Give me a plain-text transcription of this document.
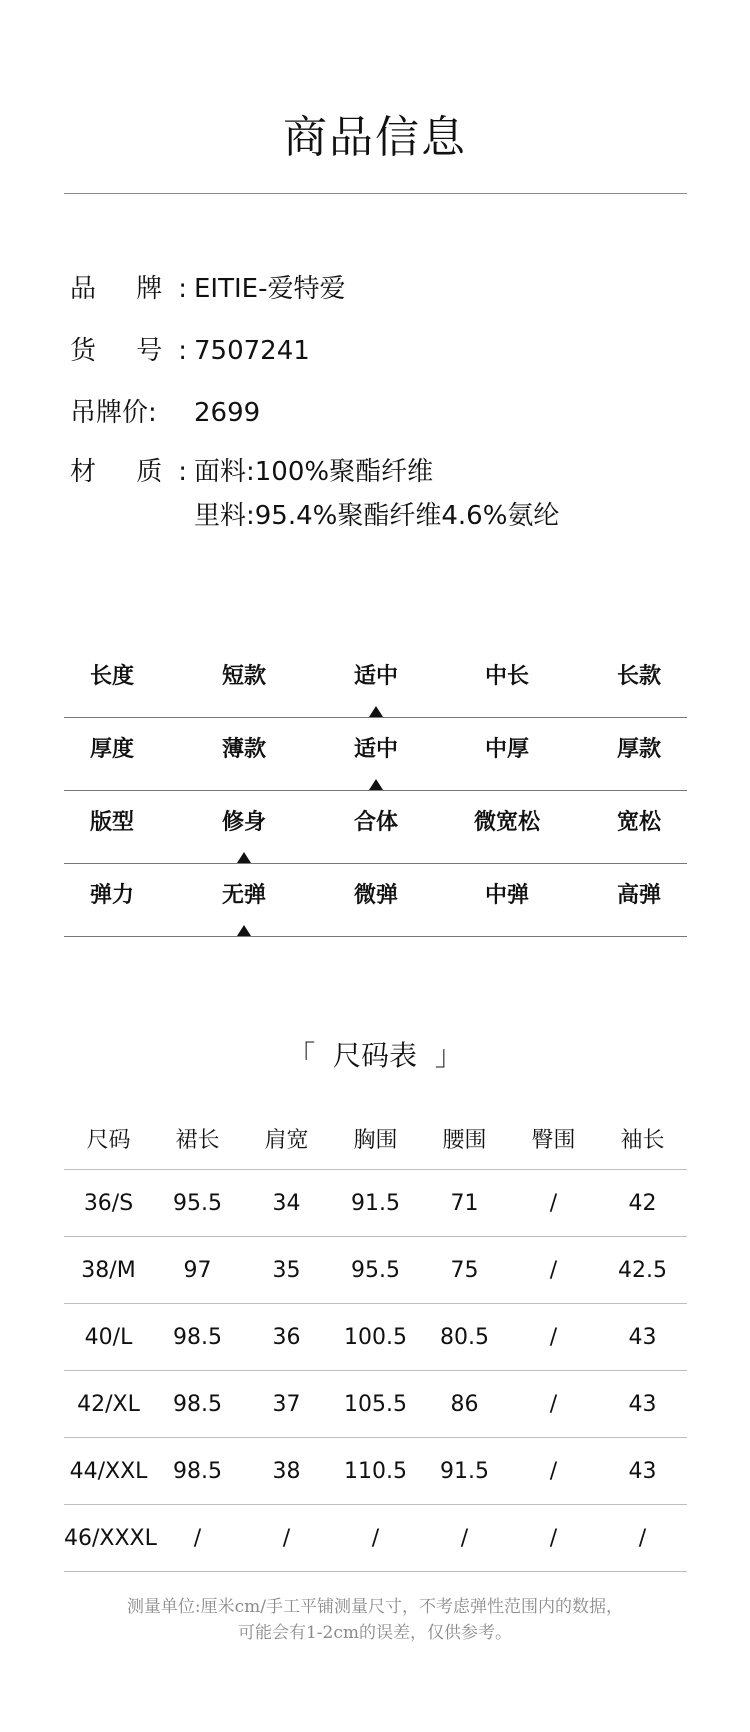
商品信息
品 牌:
EITIE-爱特爱
货 号:
7507241
吊牌价:	2699
材 质:
面料:100%聚酯纤维
里料:95.4%聚酯纤维4.6%氨纶
长度	短款	适中	中长	长款
厚度	薄款	适中	中厚	厚款
版型	修身	合体	微宽松	宽松
弹力	无弹	微弹	中弹	高弹
「  尺码表  」
尺码	裙长	肩宽	胸围	腰围	臀围	袖长
36/S	95.5	34	91.5	71	/	42
38/M	97	35	95.5	75	/	42.5
40/L	98.5	36	100.5	80.5	/	43
42/XL	98.5	37	105.5	86	/	43
44/XXL	98.5	38	110.5	91.5	/	43
46/XXXL	/	/	/	/	/	/
测量单位:厘米cm/手工平铺测量尺寸，不考虑弹性范围内的数据，
可能会有1-2cm的误差，仅供参考。
